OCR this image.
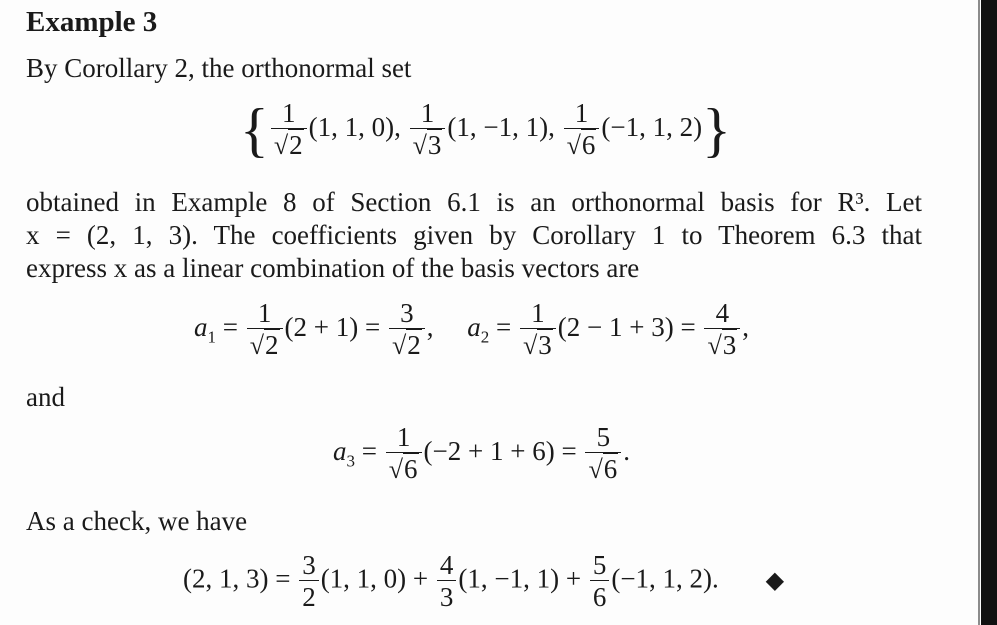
Example 3
By Corollary 2, the orthonormal set
{ $\frac{1}{√2} (1$, 1, 0), $\frac{1}{√3} (1$, −1, 1), $\frac{1}{√6} (-1$, 1, 2)}
obtained in Example 8 of Section 6.1 is an orthonormal basis for R³. Let
x = (2, 1, 3). The coefficients given by Corollary 1 to Theorem 6.3 that
express x as a linear combination of the basis vectors are
$a_1 = \frac{1}{√2} (2 + 1) = \frac{3}{√2}$ ,     $a_2 = \frac{1}{√3} (2 - 1 + 3) = \frac{4}{√3}$ ,
and
$a_3 = \frac{1}{√6} (-2 + 1 + 6) = \frac{5}{√6}$ .
As a check, we have
(2, 1, $3) = \frac{3}{2} (1$, 1, $0) + \frac{4}{3} (1$, −1, $1) + \frac{5}{6} (-1$, 1, 2). ◆
